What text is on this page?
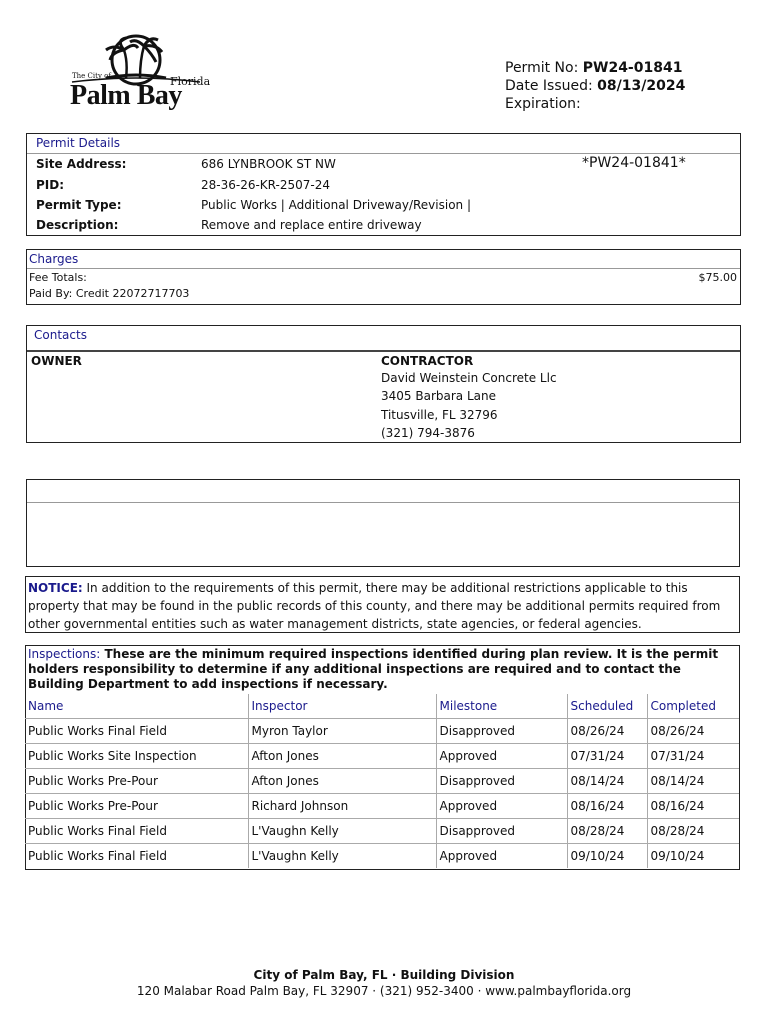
The City of	Florida
Palm Bay
Permit No: PW24-01841
Date Issued: 08/13/2024
Expiration:
Permit Details
Site Address:	686 LYNBROOK ST NW	*PW24-01841*
PID:	28-36-26-KR-2507-24
Permit Type:	Public Works | Additional Driveway/Revision |
Description:	Remove and replace entire driveway
Charges
Fee Totals:	$75.00
Paid By: Credit 22072717703
Contacts
OWNER	CONTRACTOR
David Weinstein Concrete Llc
3405 Barbara Lane
Titusville, FL 32796
(321) 794-3876
NOTICE: In addition to the requirements of this permit, there may be additional restrictions applicable to this property that may be found in the public records of this county, and there may be additional permits required from other governmental entities such as water management districts, state agencies, or federal agencies.
Inspections: These are the minimum required inspections identified during plan review. It is the permit holders responsibility to determine if any additional inspections are required and to contact the Building Department to add inspections if necessary.
Name	Inspector	Milestone	Scheduled	Completed
Public Works Final Field	Myron Taylor	Disapproved	08/26/24	08/26/24
Public Works Site Inspection	Afton Jones	Approved	07/31/24	07/31/24
Public Works Pre-Pour	Afton Jones	Disapproved	08/14/24	08/14/24
Public Works Pre-Pour	Richard Johnson	Approved	08/16/24	08/16/24
Public Works Final Field	L'Vaughn Kelly	Disapproved	08/28/24	08/28/24
Public Works Final Field	L'Vaughn Kelly	Approved	09/10/24	09/10/24
City of Palm Bay, FL · Building Division
120 Malabar Road Palm Bay, FL 32907 · (321) 952-3400 · www.palmbayflorida.org
